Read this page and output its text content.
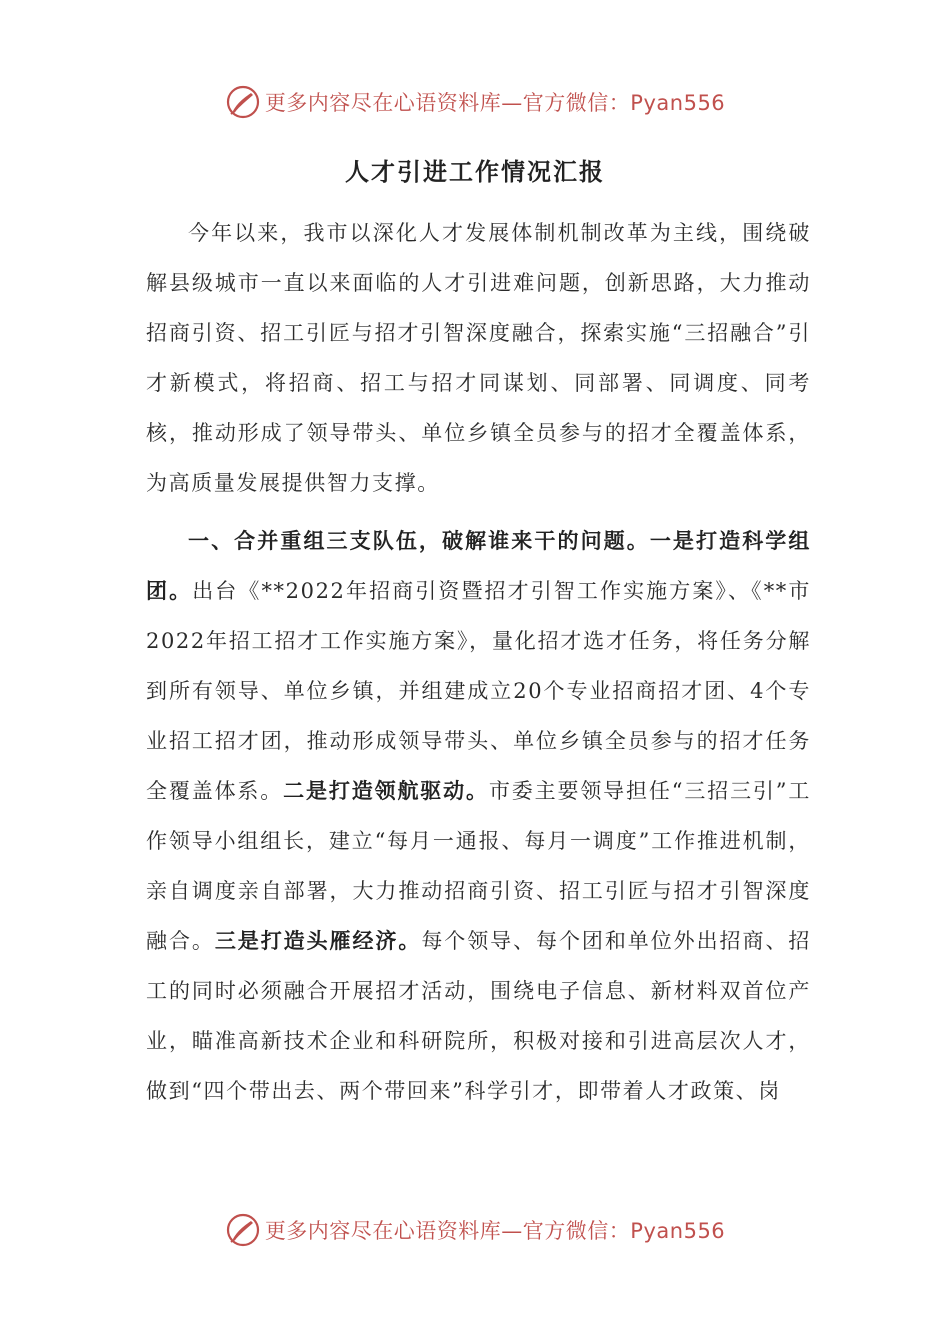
更多内容尽在心语资料库—官方微信：Pyan556
人才引进工作情况汇报

今年以来，我市以深化人才发展体制机制改革为主线，围绕破解县级城市一直以来面临的人才引进难问题，创新思路，大力推动招商引资、招工引匠与招才引智深度融合，探索实施“三招融合”引才新模式，将招商、招工与招才同谋划、同部署、同调度、同考核，推动形成了领导带头、单位乡镇全员参与的招才全覆盖体系，为高质量发展提供智力支撑。

一、合并重组三支队伍，破解谁来干的问题。一是打造科学组团。出台《**2022年招商引资暨招才引智工作实施方案》、《**市2022年招工招才工作实施方案》，量化招才选才任务，将任务分解到所有领导、单位乡镇，并组建成立20个专业招商招才团、4个专业招工招才团，推动形成领导带头、单位乡镇全员参与的招才任务全覆盖体系。二是打造领航驱动。市委主要领导担任“三招三引”工作领导小组组长，建立“每月一通报、每月一调度”工作推进机制，亲自调度亲自部署，大力推动招商引资、招工引匠与招才引智深度融合。三是打造头雁经济。每个领导、每个团和单位外出招商、招工的同时必须融合开展招才活动，围绕电子信息、新材料双首位产业，瞄准高新技术企业和科研院所，积极对接和引进高层次人才，做到“四个带出去、两个带回来”科学引才，即带着人才政策、岗

更多内容尽在心语资料库—官方微信：Pyan556
